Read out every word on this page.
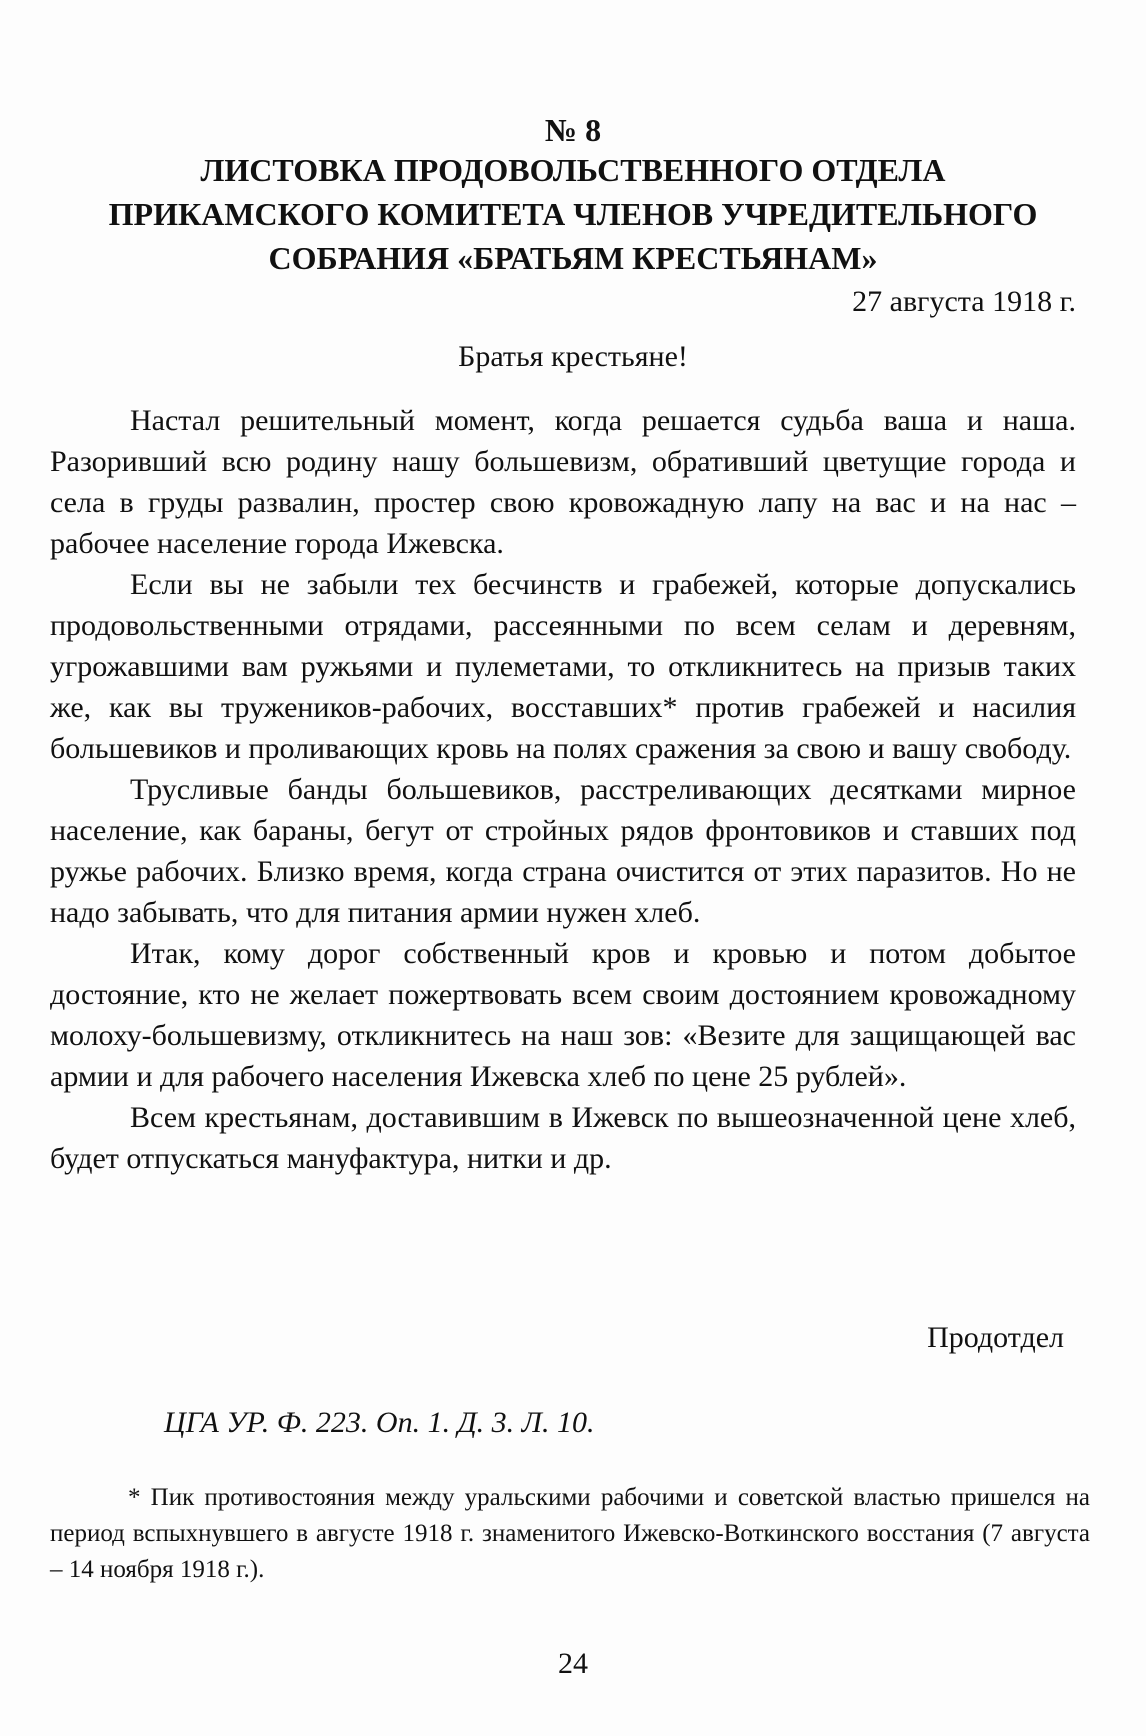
№ 8
ЛИСТОВКА ПРОДОВОЛЬСТВЕННОГО ОТДЕЛА
ПРИКАМСКОГО КОМИТЕТА ЧЛЕНОВ УЧРЕДИТЕЛЬНОГО
СОБРАНИЯ «БРАТЬЯМ КРЕСТЬЯНАМ»
27 августа 1918 г.
Братья крестьяне!

Настал решительный момент, когда решается судьба ваша и наша. Разоривший всю родину нашу большевизм, обративший цветущие города и села в груды развалин, простер свою кровожадную лапу на вас и на нас – рабочее население города Ижевска.

Если вы не забыли тех бесчинств и грабежей, которые допускались продовольственными отрядами, рассеянными по всем селам и деревням, угрожавшими вам ружьями и пулеметами, то откликнитесь на призыв таких же, как вы тружеников-рабочих, восставших* против грабежей и насилия большевиков и проливающих кровь на полях сражения за свою и вашу свободу.

Трусливые банды большевиков, расстреливающих десятками мирное население, как бараны, бегут от стройных рядов фронтовиков и ставших под ружье рабочих. Близко время, когда страна очистится от этих паразитов. Но не надо забывать, что для питания армии нужен хлеб.

Итак, кому дорог собственный кров и кровью и потом добытое достояние, кто не желает пожертвовать всем своим достоянием кровожадному молоху-большевизму, откликнитесь на наш зов: «Везите для защищающей вас армии и для рабочего населения Ижевска хлеб по цене 25 рублей».

Всем крестьянам, доставившим в Ижевск по вышеозначенной цене хлеб, будет отпускаться мануфактура, нитки и др.

Продотдел
ЦГА УР. Ф. 223. Оп. 1. Д. 3. Л. 10.

* Пик противостояния между уральскими рабочими и советской властью пришелся на период вспыхнувшего в августе 1918 г. знаменитого Ижевско-Воткинского восстания (7 августа – 14 ноября 1918 г.).

24
